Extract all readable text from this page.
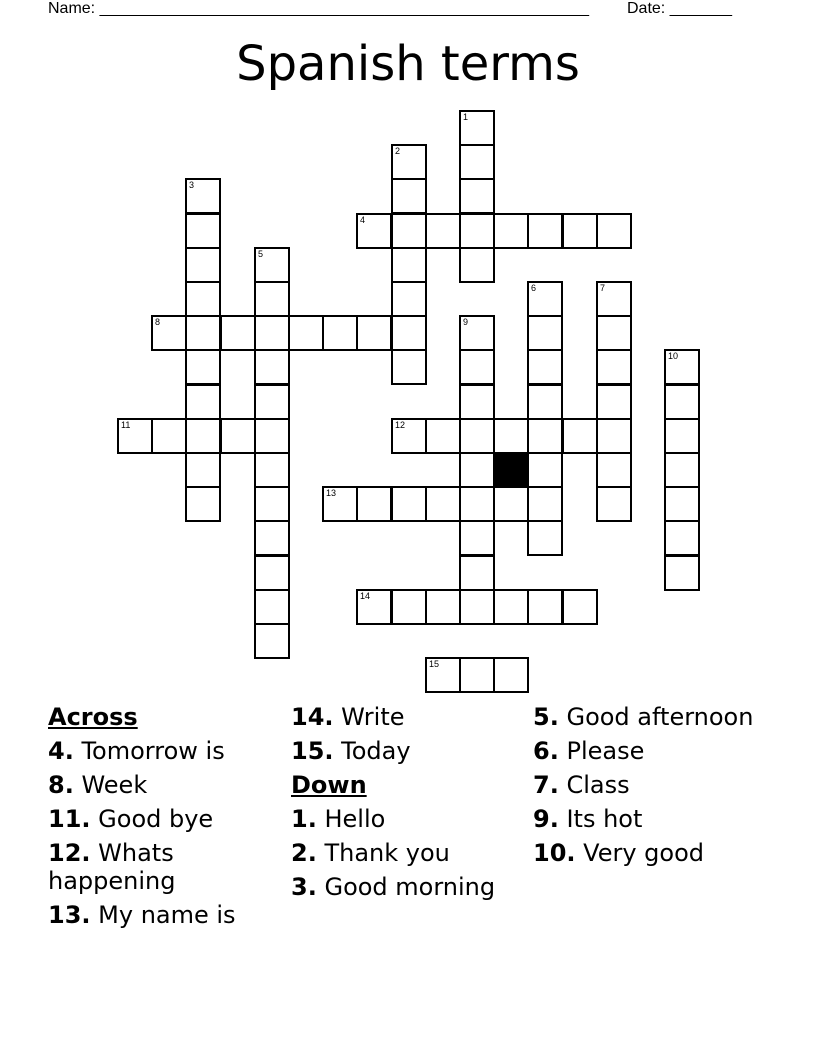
Name: _______________________________________________________ Date: _______
Spanish terms
1
2
3
4
5
6	7
8	9
10
11	12
13
14
15
Across
4. Tomorrow is
8. Week
11. Good bye
12. Whats happening
13. My name is
14. Write
15. Today
Down
1. Hello
2. Thank you
3. Good morning
5. Good afternoon
6. Please
7. Class
9. Its hot
10. Very good
